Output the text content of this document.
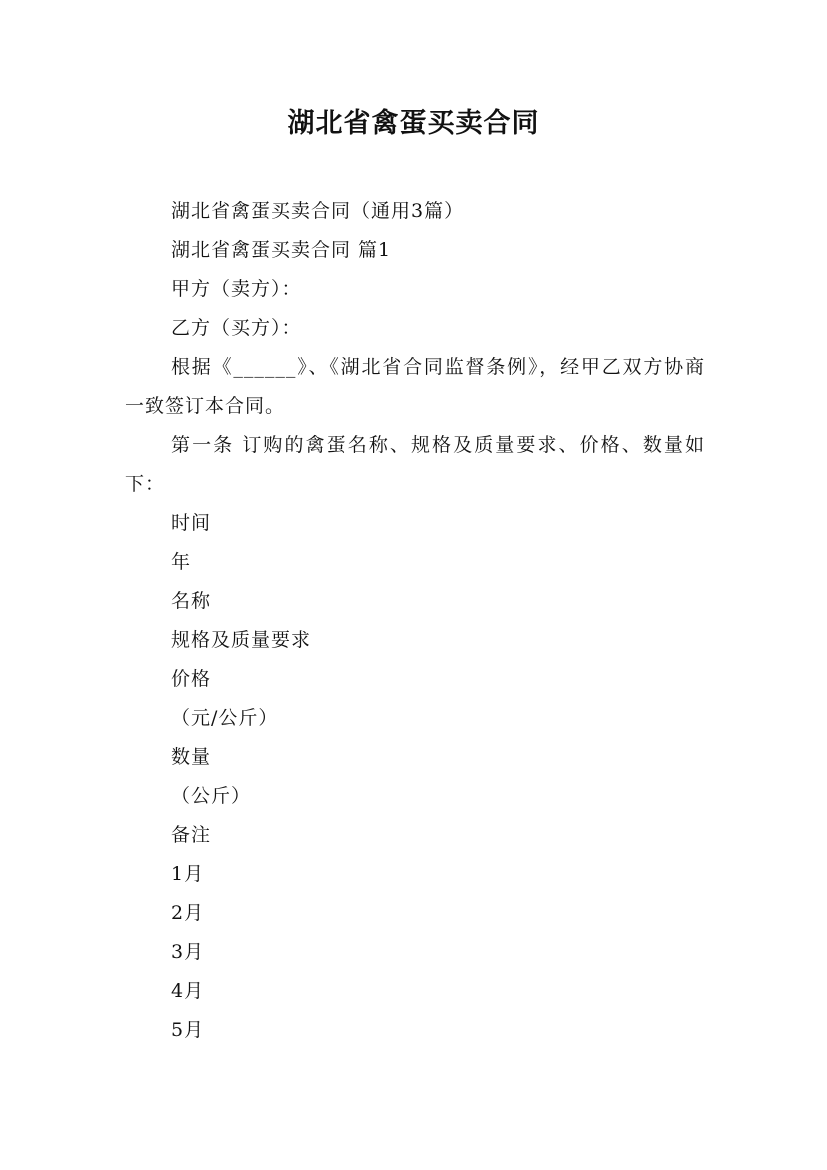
湖北省禽蛋买卖合同

湖北省禽蛋买卖合同（通用3篇）

湖北省禽蛋买卖合同 篇1

甲方（卖方）：

乙方（买方）：

根据《______》、《湖北省合同监督条例》，经甲乙双方协商一致签订本合同。

第一条 订购的禽蛋名称、规格及质量要求、价格、数量如下：

时间

年

名称

规格及质量要求

价格

（元/公斤）

数量

（公斤）

备注

1月

2月

3月

4月

5月
